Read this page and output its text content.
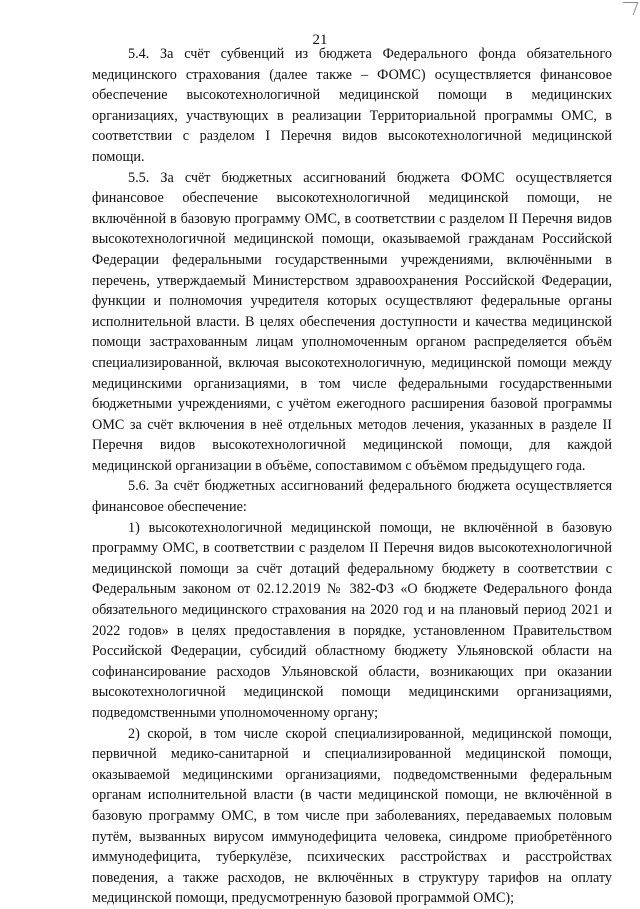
21

5.4. За счёт субвенций из бюджета Федерального фонда обязательного медицинского страхования (далее также – ФОМС) осуществляется финансовое обеспечение высокотехнологичной медицинской помощи в медицинских организациях, участвующих в реализации Территориальной программы ОМС, в соответствии с разделом I Перечня видов высокотехнологичной медицинской помощи.

5.5. За счёт бюджетных ассигнований бюджета ФОМС осуществляется финансовое обеспечение высокотехнологичной медицинской помощи, не включённой в базовую программу ОМС, в соответствии с разделом II Перечня видов высокотехнологичной медицинской помощи, оказываемой гражданам Российской Федерации федеральными государственными учреждениями, включёнными в перечень, утверждаемый Министерством здравоохранения Российской Федерации, функции и полномочия учредителя которых осуществляют федеральные органы исполнительной власти. В целях обеспечения доступности и качества медицинской помощи застрахованным лицам уполномоченным органом распределяется объём специализированной, включая высокотехнологичную, медицинской помощи между медицинскими организациями, в том числе федеральными государственными бюджетными учреждениями, с учётом ежегодного расширения базовой программы ОМС за счёт включения в неё отдельных методов лечения, указанных в разделе II Перечня видов высокотехнологичной медицинской помощи, для каждой медицинской организации в объёме, сопоставимом с объёмом предыдущего года.

5.6. За счёт бюджетных ассигнований федерального бюджета осуществляется финансовое обеспечение:

1) высокотехнологичной медицинской помощи, не включённой в базовую программу ОМС, в соответствии с разделом II Перечня видов высокотехнологичной медицинской помощи за счёт дотаций федеральному бюджету в соответствии с Федеральным законом от 02.12.2019 № 382-ФЗ «О бюджете Федерального фонда обязательного медицинского страхования на 2020 год и на плановый период 2021 и 2022 годов» в целях предоставления в порядке, установленном Правительством Российской Федерации, субсидий областному бюджету Ульяновской области на софинансирование расходов Ульяновской области, возникающих при оказании высокотехнологичной медицинской помощи медицинскими организациями, подведомственными уполномоченному органу;

2) скорой, в том числе скорой специализированной, медицинской помощи, первичной медико-санитарной и специализированной медицинской помощи, оказываемой медицинскими организациями, подведомственными федеральным органам исполнительной власти (в части медицинской помощи, не включённой в базовую программу ОМС, в том числе при заболеваниях, передаваемых половым путём, вызванных вирусом иммунодефицита человека, синдроме приобретённого иммунодефицита, туберкулёзе, психических расстройствах и расстройствах поведения, а также расходов, не включённых в структуру тарифов на оплату медицинской помощи, предусмотренную базовой программой ОМС);
